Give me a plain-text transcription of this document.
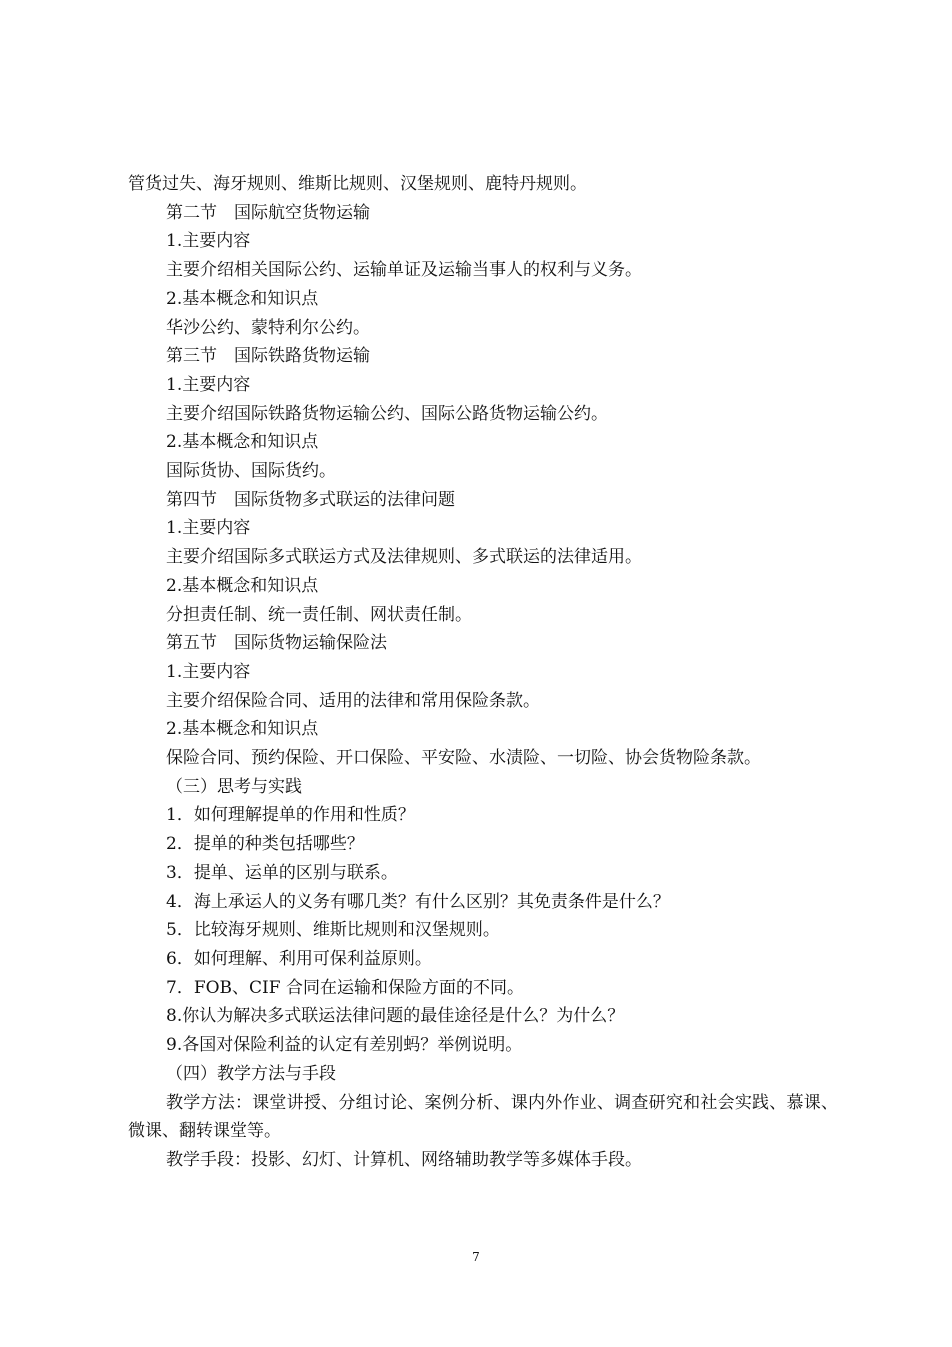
管货过失、海牙规则、维斯比规则、汉堡规则、鹿特丹规则。

第二节　国际航空货物运输

1.主要内容

主要介绍相关国际公约、运输单证及运输当事人的权利与义务。

2.基本概念和知识点

华沙公约、蒙特利尔公约。

第三节　国际铁路货物运输

1.主要内容

主要介绍国际铁路货物运输公约、国际公路货物运输公约。

2.基本概念和知识点

国际货协、国际货约。

第四节　国际货物多式联运的法律问题

1.主要内容

主要介绍国际多式联运方式及法律规则、多式联运的法律适用。

2.基本概念和知识点

分担责任制、统一责任制、网状责任制。

第五节　国际货物运输保险法

1.主要内容

主要介绍保险合同、适用的法律和常用保险条款。

2.基本概念和知识点

保险合同、预约保险、开口保险、平安险、水渍险、一切险、协会货物险条款。

（三）思考与实践

1．如何理解提单的作用和性质？

2．提单的种类包括哪些？

3．提单、运单的区别与联系。

4．海上承运人的义务有哪几类？有什么区别？其免责条件是什么？

5．比较海牙规则、维斯比规则和汉堡规则。

6．如何理解、利用可保利益原则。

7．FOB、CIF 合同在运输和保险方面的不同。

8.你认为解决多式联运法律问题的最佳途径是什么？为什么？

9.各国对保险利益的认定有差别蚂？举例说明。

（四）教学方法与手段

教学方法：课堂讲授、分组讨论、案例分析、课内外作业、调查研究和社会实践、慕课、微课、翻转课堂等。

教学手段：投影、幻灯、计算机、网络辅助教学等多媒体手段。

7
